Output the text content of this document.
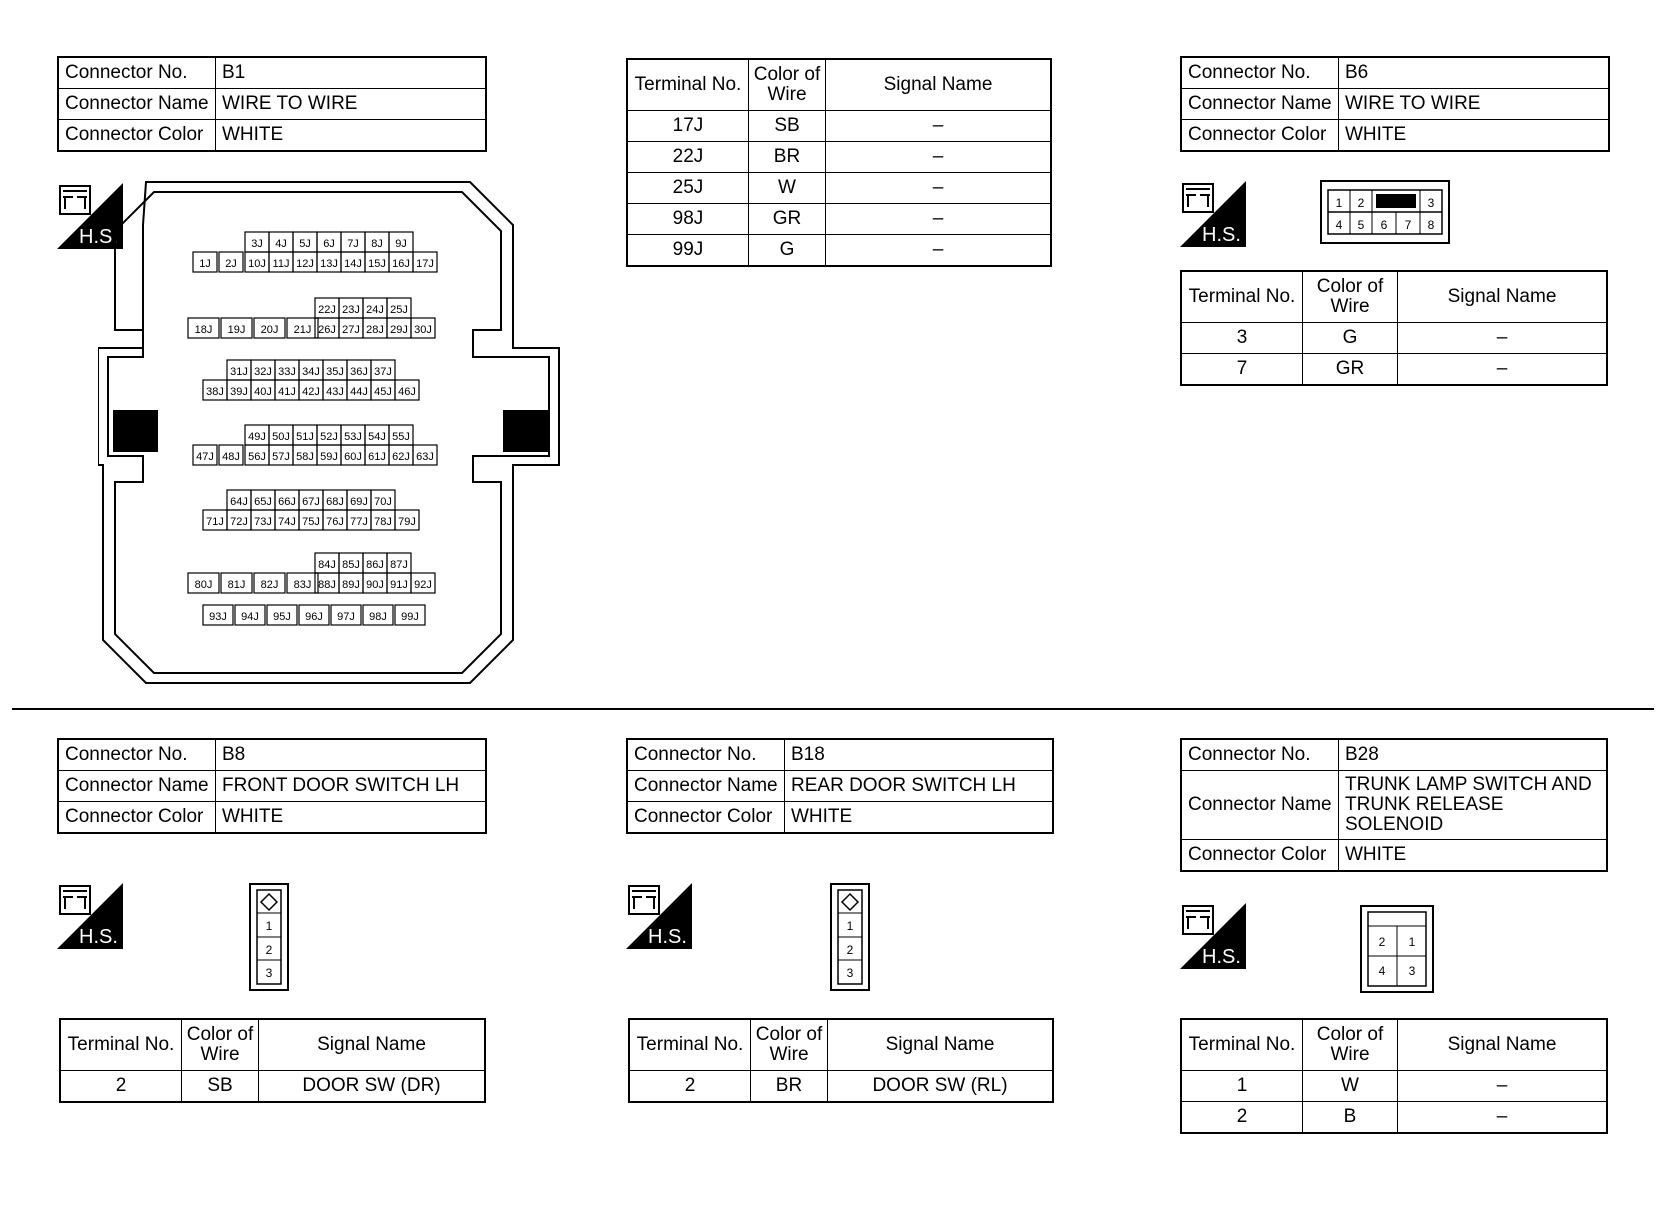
Connector No.	B1
Connector Name	WIRE TO WIRE
Connector Color	WHITE
H.S.
1J 2J 10J 11J 12J 13J 14J 15J 16J 17J
3J 4J 5J 6J 7J 8J 9J
18J 19J 20J 21J 26J 27J 28J 29J 30J
22J 23J 24J 25J
38J 39J 40J 41J 42J 43J 44J 45J 46J
31J 32J 33J 34J 35J 36J 37J
47J 48J 56J 57J 58J 59J 60J 61J 62J 63J
49J 50J 51J 52J 53J 54J 55J
71J 72J 73J 74J 75J 76J 77J 78J 79J
64J 65J 66J 67J 68J 69J 70J
80J 81J 82J 83J 88J 89J 90J 91J 92J
84J 85J 86J 87J
93J 94J 95J 96J 97J 98J 99J
Terminal No.	Color of Wire	Signal Name
17J	SB	–
22J	BR	–
25J	W	–
98J	GR	–
99J	G	–
Connector No.	B6
Connector Name	WIRE TO WIRE
Connector Color	WHITE
H.S.
1 2	3
4 5 6 7 8
Terminal No.	Color of Wire	Signal Name
3	G	–
7	GR	–
Connector No.	B8
Connector Name	FRONT DOOR SWITCH LH
Connector Color	WHITE
H.S.	1
2
3
Terminal No.	Color of Wire	Signal Name
2	SB	DOOR SW (DR)
Connector No.	B18
Connector Name	REAR DOOR SWITCH LH
Connector Color	WHITE
H.S.	1
2
3
Terminal No.	Color of Wire	Signal Name
2	BR	DOOR SW (RL)
Connector No.	B28
Connector Name	TRUNK LAMP SWITCH AND TRUNK RELEASE SOLENOID
Connector Color	WHITE
H.S.
2 1
4 3
Terminal No.	Color of Wire	Signal Name
1	W	–
2	B	–
